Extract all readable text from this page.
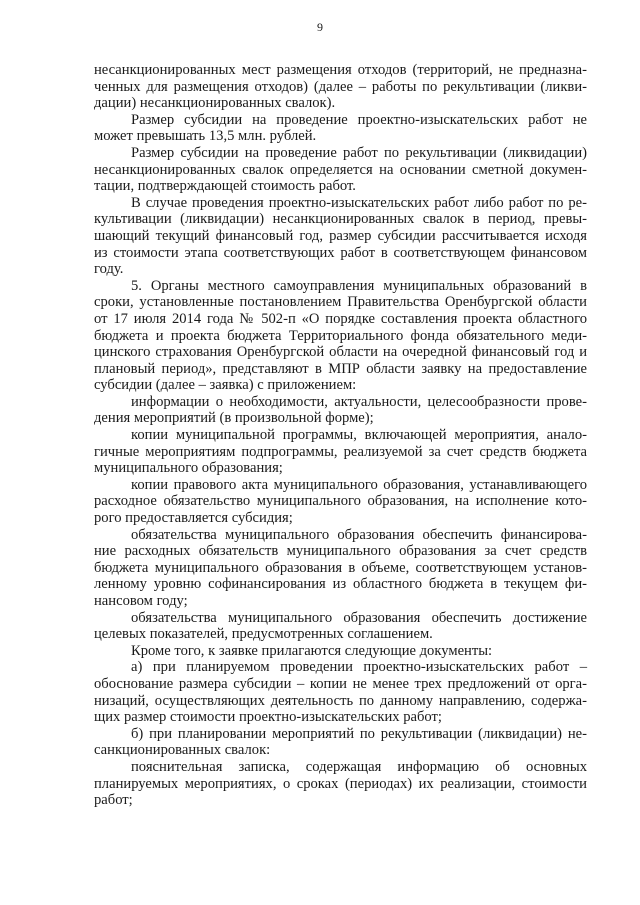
9
несанкционированных мест размещения отходов (территорий, не предназна-
ченных для размещения отходов) (далее – работы по рекультивации (ликви-
дации) несанкционированных свалок).
Размер субсидии на проведение проектно-изыскательских работ не
может превышать 13,5 млн. рублей.
Размер субсидии на проведение работ по рекультивации (ликвидации)
несанкционированных свалок определяется на основании сметной докумен-
тации, подтверждающей стоимость работ.
В случае проведения проектно-изыскательских работ либо работ по ре-
культивации (ликвидации) несанкционированных свалок в период, превы-
шающий текущий финансовый год, размер субсидии рассчитывается исходя
из стоимости этапа соответствующих работ в соответствующем финансовом
году.
5. Органы местного самоуправления муниципальных образований в
сроки, установленные постановлением Правительства Оренбургской области
от 17 июля 2014 года № 502-п «О порядке составления проекта областного
бюджета и проекта бюджета Территориального фонда обязательного меди-
цинского страхования Оренбургской области на очередной финансовый год и
плановый период», представляют в МПР области заявку на предоставление
субсидии (далее – заявка) с приложением:
информации о необходимости, актуальности, целесообразности прове-
дения мероприятий (в произвольной форме);
копии муниципальной программы, включающей мероприятия, анало-
гичные мероприятиям подпрограммы, реализуемой за счет средств бюджета
муниципального образования;
копии правового акта муниципального образования, устанавливающего
расходное обязательство муниципального образования, на исполнение кото-
рого предоставляется субсидия;
обязательства муниципального образования обеспечить финансирова-
ние расходных обязательств муниципального образования за счет средств
бюджета муниципального образования в объеме, соответствующем установ-
ленному уровню софинансирования из областного бюджета в текущем фи-
нансовом году;
обязательства муниципального образования обеспечить достижение
целевых показателей, предусмотренных соглашением.
Кроме того, к заявке прилагаются следующие документы:
а) при планируемом проведении проектно-изыскательских работ –
обоснование размера субсидии – копии не менее трех предложений от орга-
низаций, осуществляющих деятельность по данному направлению, содержа-
щих размер стоимости проектно-изыскательских работ;
б) при планировании мероприятий по рекультивации (ликвидации) не-
санкционированных свалок:
пояснительная записка, содержащая информацию об основных
планируемых мероприятиях, о сроках (периодах) их реализации, стоимости
работ;
